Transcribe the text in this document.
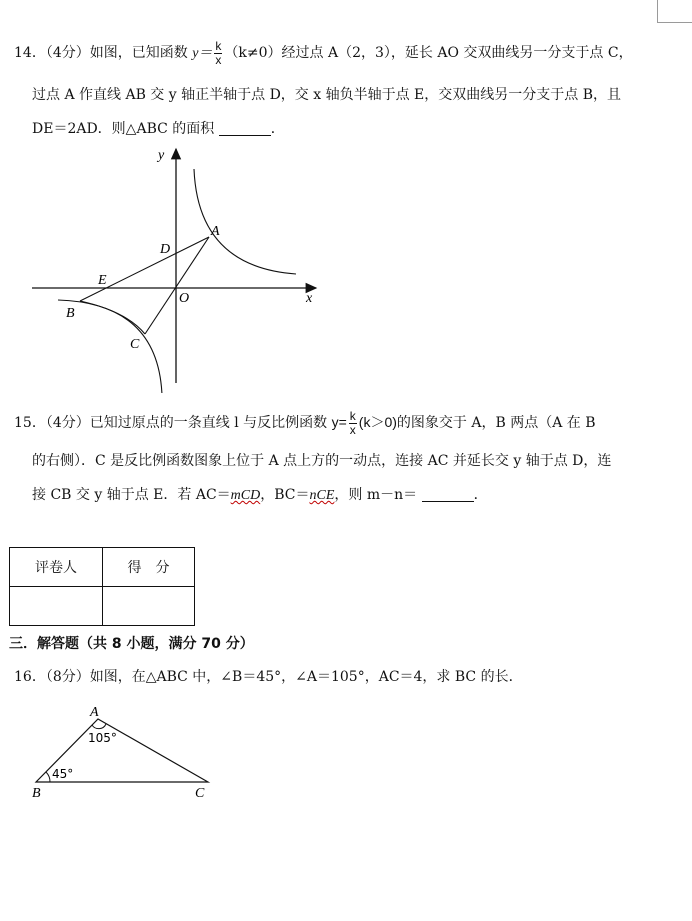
14．（4分）如图，已知函数 $y= \frac{k}{x} (k\ne 0)$经过点 A（2，3），延长 AO 交双曲线另一分支于点 C，
过点 A 作直线 AB 交 y 轴正半轴于点 D，交 x 轴负半轴于点 E，交双曲线另一分支于点 B，且
DE＝2AD．则△ABC 的面积	．
y
x
O
A
B
C
D
E
15．（4分）已知过原点的一条直线 l 与反比例函数 $y= \frac{k}{x} (k>0)$的图象交于 A，B 两点（A 在 B
的右侧）．C 是反比例函数图象上位于 A 点上方的一动点，连接 AC 并延长交 y 轴于点 D，连
接 CB 交 y 轴于点 E．若 AC＝mCD，BC＝nCE，则 m－n＝	．
评卷人	得　分

三．解答题（共 8 小题，满分 70 分）
16．（8分）如图，在△ABC 中，∠B＝45°，∠A＝105°，AC＝4，求 BC 的长．
A
B	C
105°
45°
